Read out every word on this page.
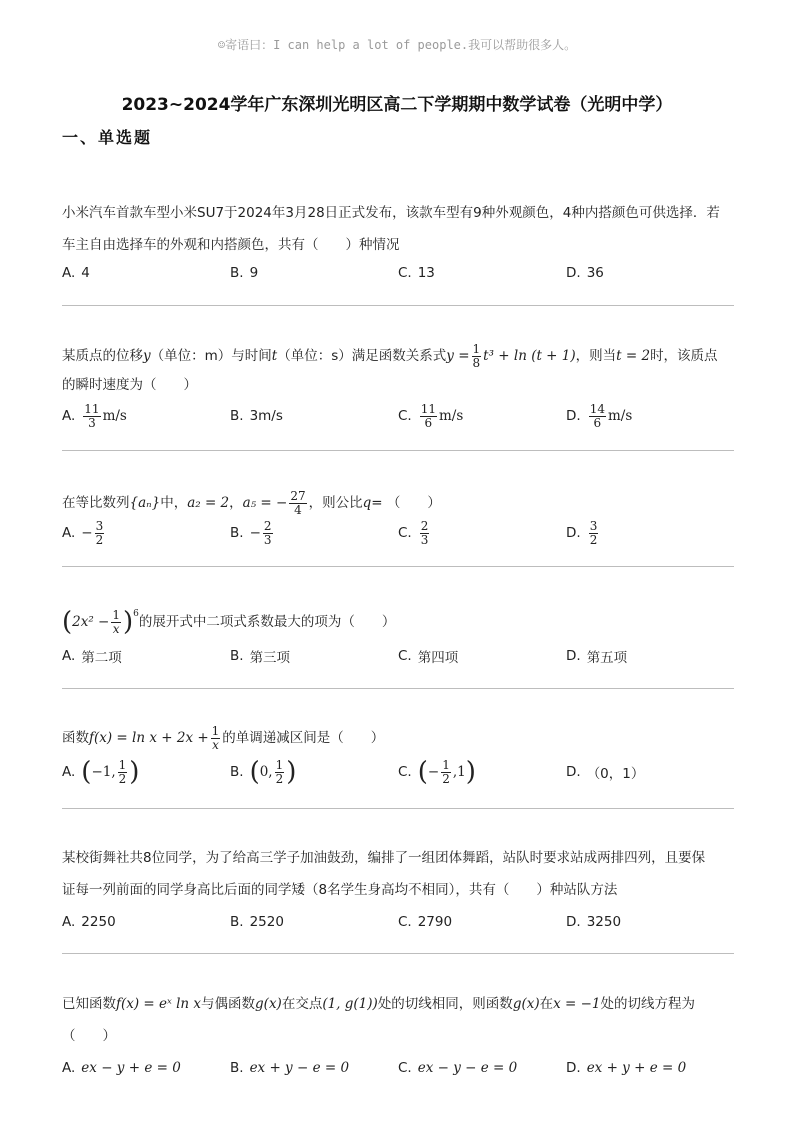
☺寄语曰：I can help a lot of people.我可以帮助很多人。
2023~2024学年广东深圳光明区高二下学期期中数学试卷（光明中学）
一、单选题
小米汽车首款车型小米SU7于2024年3月28日正式发布，该款车型有9种外观颜色，4种内搭颜色可供选择．若
车主自由选择车的外观和内搭颜色，共有（　　）种情况
A. 4	B. 9	C. 13	D. 36
某质点的位移 y （单位：m）与时间 t （单位：s）满足函数关系式 $y = \frac{1}{8} t^3 + \ln (t + 1)$ ，则当 t = 2 时，该质点
的瞬时速度为（　　）
A. $\frac{11}{3} m/s$	B. 3m/s	C. $\frac{11}{6} m/s$	D. $\frac{14}{6} m/s$
在等比数列 {aₙ} 中， a₂ = 2 ， a₅ = − $\frac{27}{4}$ ，则公比 q = （　　）
A. − $\frac{3}{2}$	B. − $\frac{2}{3}$	C. $\frac{2}{3}$	D. $\frac{3}{2}$
( $2x^2 - \frac{1}{x} )^6$ 的展开式中二项式系数最大的项为（　　）
A. 第二项	B. 第三项	C. 第四项	D. 第五项
函数 $f(x) = \ln x + 2x + \frac{1}{x}$ 的单调递减区间是（　　）
A. ( −1, $\frac{1}{2}$ )	B. ( 0, $\frac{1}{2}$ )	C. ( − $\frac{1}{2} ,1$ )	D. （0，1）
某校街舞社共8位同学，为了给高三学子加油鼓劲，编排了一组团体舞蹈，站队时要求站成两排四列，且要保
证每一列前面的同学身高比后面的同学矮（8名学生身高均不相同），共有（　　）种站队方法
A. 2250	B. 2520	C. 2790	D. 3250
已知函数 f(x) = eˣ ln x 与偶函数 g(x) 在交点 (1, g(1)) 处的切线相同，则函数 g(x) 在 x = −1 处的切线方程为
（　　）
A. ex − y + e = 0	B. ex + y − e = 0	C. ex − y − e = 0	D. ex + y + e = 0
